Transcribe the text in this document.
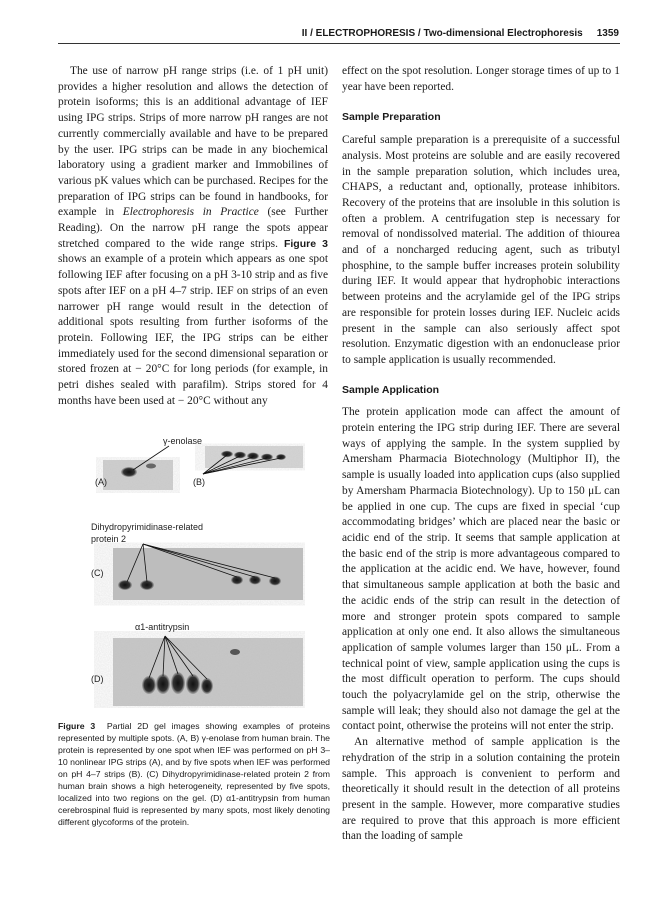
II / ELECTROPHORESIS / Two-dimensional Electrophoresis 1359

The use of narrow pH range strips (i.e. of 1 pH unit) provides a higher resolution and allows the detection of protein isoforms; this is an additional advantage of IEF using IPG strips. Strips of more narrow pH ranges are not currently commercially available and have to be prepared by the user. IPG strips can be made in any biochemical laboratory using a gradient marker and Immobilines of various pK values which can be purchased. Recipes for the preparation of IPG strips can be found in handbooks, for example in Electrophoresis in Practice (see Further Reading). On the narrow pH range the spots appear stretched compared to the wide range strips. Figure 3 shows an example of a protein which appears as one spot following IEF after focusing on a pH 3-10 strip and as five spots after IEF on a pH 4–7 strip. IEF on strips of an even narrower pH range would result in the detection of additional spots resulting from further isoforms of the protein. Following IEF, the IPG strips can be either immediately used for the second dimensional separation or stored frozen at − 20°C for long periods (for example, in petri dishes sealed with parafilm). Strips stored for 4 months have been used at − 20°C without any

γ-enolase
(A)	(B)
Dihydropyrimidinase-related
protein 2
(C)
α1-antitrypsin
(D)
Figure 3 Partial 2D gel images showing examples of proteins represented by multiple spots. (A, B) γ-enolase from human brain. The protein is represented by one spot when IEF was performed on pH 3–10 nonlinear IPG strips (A), and by five spots when IEF was performed on pH 4–7 strips (B). (C) Dihydropyrimidinase-related protein 2 from human brain shows a high heterogeneity, represented by five spots, localized into two regions on the gel. (D) α1-antitrypsin from human cerebrospinal fluid is represented by many spots, most likely denoting different glycoforms of the protein.

effect on the spot resolution. Longer storage times of up to 1 year have been reported.

Sample Preparation

Careful sample preparation is a prerequisite of a successful analysis. Most proteins are soluble and are easily recovered in the sample preparation solution, which includes urea, CHAPS, a reductant and, optionally, protease inhibitors. Recovery of the proteins that are insoluble in this solution is often a problem. A centrifugation step is necessary for removal of nondissolved material. The addition of thiourea and of a noncharged reducing agent, such as tributyl phosphine, to the sample buffer increases protein solubility during IEF. It would appear that hydrophobic interactions between proteins and the acrylamide gel of the IPG strips are responsible for protein losses during IEF. Nucleic acids present in the sample can also seriously affect spot resolution. Enzymatic digestion with an endonuclease prior to sample application is usually recommended.

Sample Application

The protein application mode can affect the amount of protein entering the IPG strip during IEF. There are several ways of applying the sample. In the system supplied by Amersham Pharmacia Biotechnology (Multiphor II), the sample is usually loaded into application cups (also supplied by Amersham Pharmacia Biotechnology). Up to 150 μL can be applied in one cup. The cups are fixed in special ‘cup accommodating bridges’ which are placed near the basic or acidic end of the strip. It seems that sample application at the basic end of the strip is more advantageous compared to the application at the acidic end. We have, however, found that simultaneous sample application at both the basic and the acidic ends of the strip can result in the detection of more and stronger protein spots compared to sample application at only one end. It also allows the simultaneous application of sample volumes larger than 150 μL. From a technical point of view, sample application using the cups is the most difficult operation to perform. The cups should touch the polyacrylamide gel on the strip, otherwise the sample will leak; they should also not damage the gel at the contact point, otherwise the proteins will not enter the strip.

An alternative method of sample application is the rehydration of the strip in a solution containing the protein sample. This approach is convenient to perform and theoretically it should result in the detection of all proteins present in the sample. However, more comparative studies are required to prove that this approach is more efficient than the loading of sample
